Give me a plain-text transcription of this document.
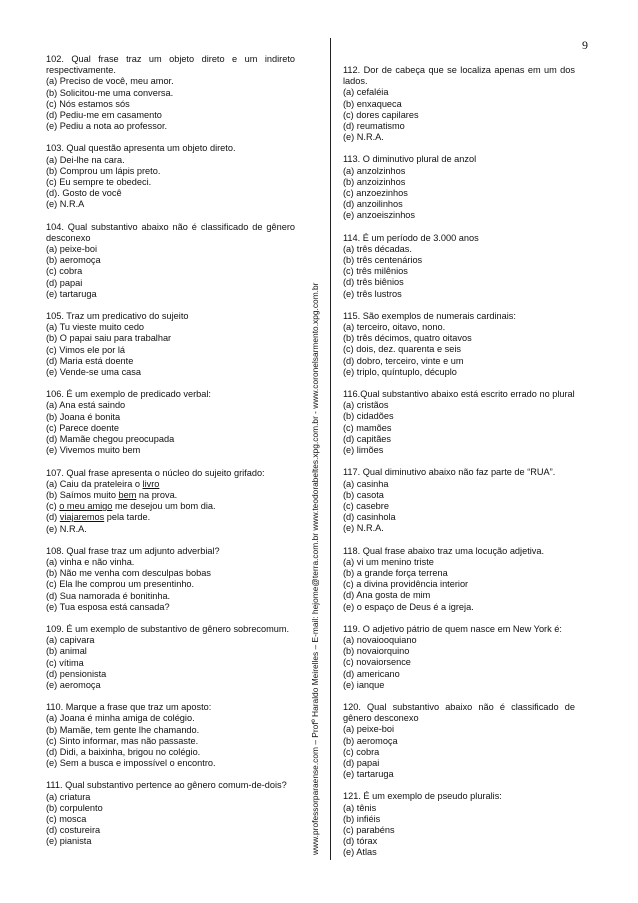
9
www.professorparaense.com – Profº Haraldo Meirelles – E-mail: hejome@terra.com.br www.teodorabeltes.xpg.com.br - www.coronelsarmento.xpg.com.br
102. Qual frase traz um objeto direto e um indireto respectivamente.
(a) Preciso de você, meu amor.
(b) Solicitou-me uma conversa.
(c) Nós estamos sós
(d) Pediu-me em casamento
(e) Pediu a nota ao professor.
103. Qual questão apresenta um objeto direto.
(a) Dei-lhe na cara.
(b) Comprou um lápis preto.
(c) Eu sempre te obedeci.
(d). Gosto de você
(e) N.R.A
104. Qual substantivo abaixo não é classificado de gênero desconexo
(a) peixe-boi
(b) aeromoça
(c) cobra
(d) papai
(e) tartaruga
105. Traz um predicativo do sujeito
(a) Tu vieste muito cedo
(b) O papai saiu para trabalhar
(c) Vimos ele por lá
(d) Maria está doente
(e) Vende-se uma casa
106. É um exemplo de predicado verbal:
(a) Ana está saindo
(b) Joana é bonita
(c) Parece doente
(d) Mamãe chegou preocupada
(e) Vivemos muito bem
107. Qual frase apresenta o núcleo do sujeito grifado:
(a) Caiu da prateleira o livro
(b) Saímos muito bem na prova.
(c) o meu amigo me desejou um bom dia.
(d) viajaremos pela tarde.
(e) N.R.A.
108. Qual frase traz um adjunto adverbial?
(a) vinha e não vinha.
(b) Não me venha com desculpas bobas
(c) Ela lhe comprou um presentinho.
(d) Sua namorada é bonitinha.
(e) Tua esposa está cansada?
109. É um exemplo de substantivo de gênero sobrecomum.
(a) capivara
(b) animal
(c) vítima
(d) pensionista
(e) aeromoça
110. Marque a frase que traz um aposto:
(a) Joana é minha amiga de colégio.
(b) Mamãe, tem gente lhe chamando.
(c) Sinto informar, mas não passaste.
(d) Didi, a baixinha, brigou no colégio.
(e) Sem a busca e impossível o encontro.
111. Qual substantivo pertence ao gênero comum-de-dois?
(a) criatura
(b) corpulento
(c) mosca
(d) costureira
(e) pianista
112. Dor de cabeça que se localiza apenas em um dos lados.
(a) cefaléia
(b) enxaqueca
(c) dores capilares
(d) reumatismo
(e) N.R.A.
113. O diminutivo plural de anzol
(a) anzolzinhos
(b) anzoizinhos
(c) anzoezinhos
(d) anzoilinhos
(e) anzoeiszinhos
114. É um período de 3.000 anos
(a) três décadas.
(b) três centenários
(c) três milênios
(d) três biênios
(e) três lustros
115. São exemplos de numerais cardinais:
(a) terceiro, oitavo, nono.
(b) três décimos, quatro oitavos
(c) dois, dez. quarenta e seis
(d) dobro, terceiro, vinte e um
(e) triplo, quíntuplo, décuplo
116.Qual substantivo abaixo está escrito errado no plural
(a) cristãos
(b) cidadões
(c) mamões
(d) capitães
(e) limões
117. Qual diminutivo abaixo não faz parte de “RUA”.
(a) casinha
(b) casota
(c) casebre
(d) casinhola
(e) N.R.A.
118. Qual frase abaixo traz uma locução adjetiva.
(a) vi um menino triste
(b) a grande força terrena
(c) a divina providência interior
(d) Ana gosta de mim
(e) o espaço de Deus é a igreja.
119. O adjetivo pátrio de quem nasce em New York é:
(a) novaiooquiano
(b) novaiorquino
(c) novaiorsence
(d) americano
(e) ianque
120. Qual substantivo abaixo não é classificado de gênero desconexo
(a) peixe-boi
(b) aeromoça
(c) cobra
(d) papai
(e) tartaruga
121. É um exemplo de pseudo pluralis:
(a) tênis
(b) infiéis
(c) parabéns
(d) tórax
(e) Atlas
